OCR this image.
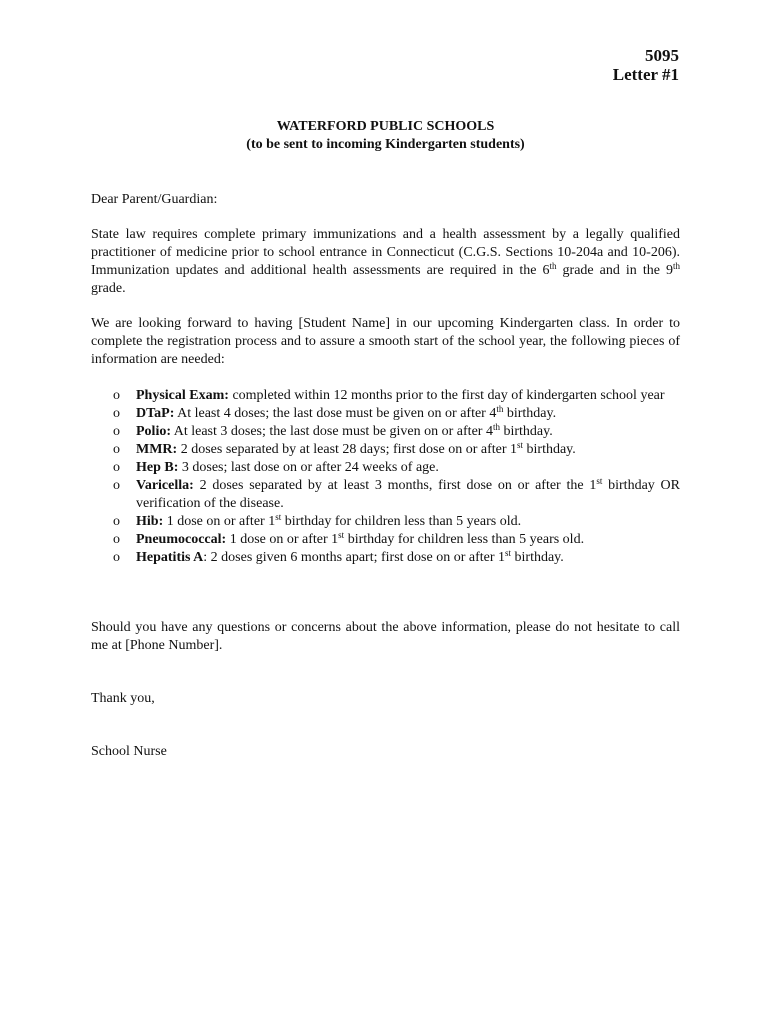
5095
Letter #1
WATERFORD PUBLIC SCHOOLS
(to be sent to incoming Kindergarten students)
Dear Parent/Guardian:
State law requires complete primary immunizations and a health assessment by a legally qualified practitioner of medicine prior to school entrance in Connecticut (C.G.S. Sections 10-204a and 10-206). Immunization updates and additional health assessments are required in the 6th grade and in the 9th grade.
We are looking forward to having [Student Name] in our upcoming Kindergarten class. In order to complete the registration process and to assure a smooth start of the school year, the following pieces of information are needed:
o Physical Exam: completed within 12 months prior to the first day of kindergarten school year
o DTaP: At least 4 doses; the last dose must be given on or after 4th birthday.
o Polio: At least 3 doses; the last dose must be given on or after 4th birthday.
o MMR: 2 doses separated by at least 28 days; first dose on or after 1st birthday.
o Hep B: 3 doses; last dose on or after 24 weeks of age.
o Varicella: 2 doses separated by at least 3 months, first dose on or after the 1st birthday OR verification of the disease.
o Hib: 1 dose on or after 1st birthday for children less than 5 years old.
o Pneumococcal: 1 dose on or after 1st birthday for children less than 5 years old.
o Hepatitis A: 2 doses given 6 months apart; first dose on or after 1st birthday.
Should you have any questions or concerns about the above information, please do not hesitate to call me at [Phone Number].
Thank you,
School Nurse
